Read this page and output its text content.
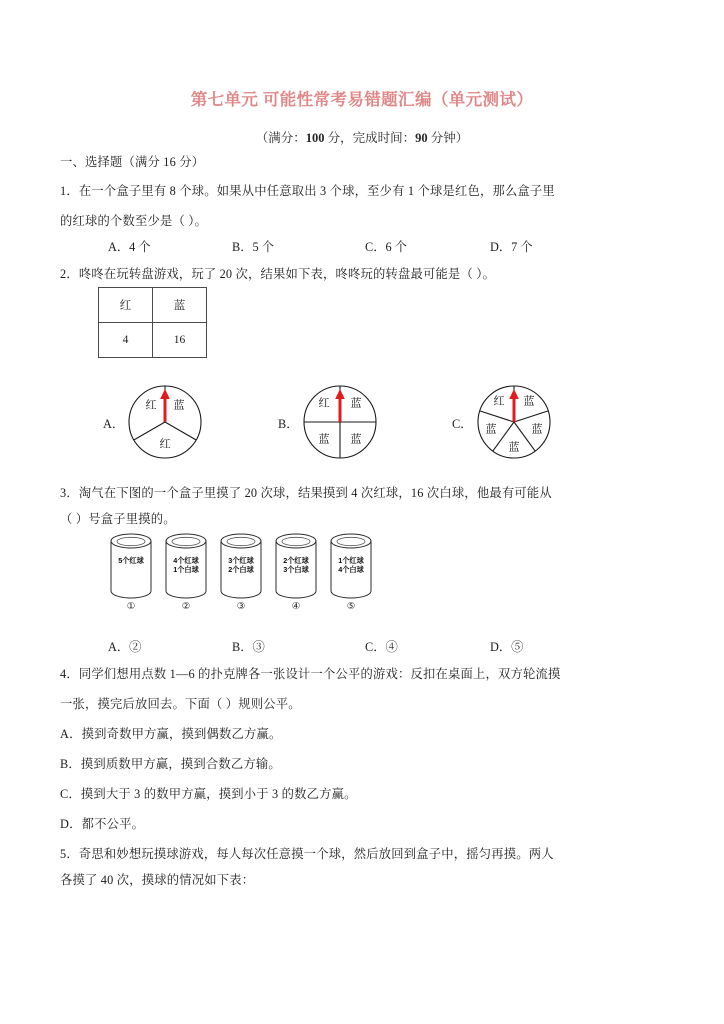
第七单元 可能性常考易错题汇编（单元测试）
（满分：100 分，完成时间：90 分钟）
一、选择题（满分 16 分）
1．在一个盒子里有 8 个球。如果从中任意取出 3 个球，至少有 1 个球是红色，那么盒子里
的红球的个数至少是（ ）。
A．4 个	B．5 个	C．6 个	D．7 个
2．咚咚在玩转盘游戏，玩了 20 次，结果如下表，咚咚玩的转盘最可能是（ ）。
红	蓝
4	16
A．
红 蓝
红
B．
红 蓝
蓝 蓝
C．
红 蓝
蓝
蓝
蓝
3．淘气在下图的一个盒子里摸了 20 次球，结果摸到 4 次红球，16 次白球，他最有可能从
（ ）号盒子里摸的。
5个红球
①
4个红球
1个白球
②
3个红球
2个白球
③
2个红球
3个白球
④
1个红球
4个白球
⑤
A．②	B．③	C．④	D．⑤
4．同学们想用点数 1—6 的扑克牌各一张设计一个公平的游戏：反扣在桌面上，双方轮流摸
一张，摸完后放回去。下面（ ）规则公平。
A．摸到奇数甲方赢，摸到偶数乙方赢。
B．摸到质数甲方赢，摸到合数乙方输。
C．摸到大于 3 的数甲方赢，摸到小于 3 的数乙方赢。
D．都不公平。
5．奇思和妙想玩摸球游戏，每人每次任意摸一个球，然后放回到盒子中，摇匀再摸。两人
各摸了 40 次，摸球的情况如下表：
